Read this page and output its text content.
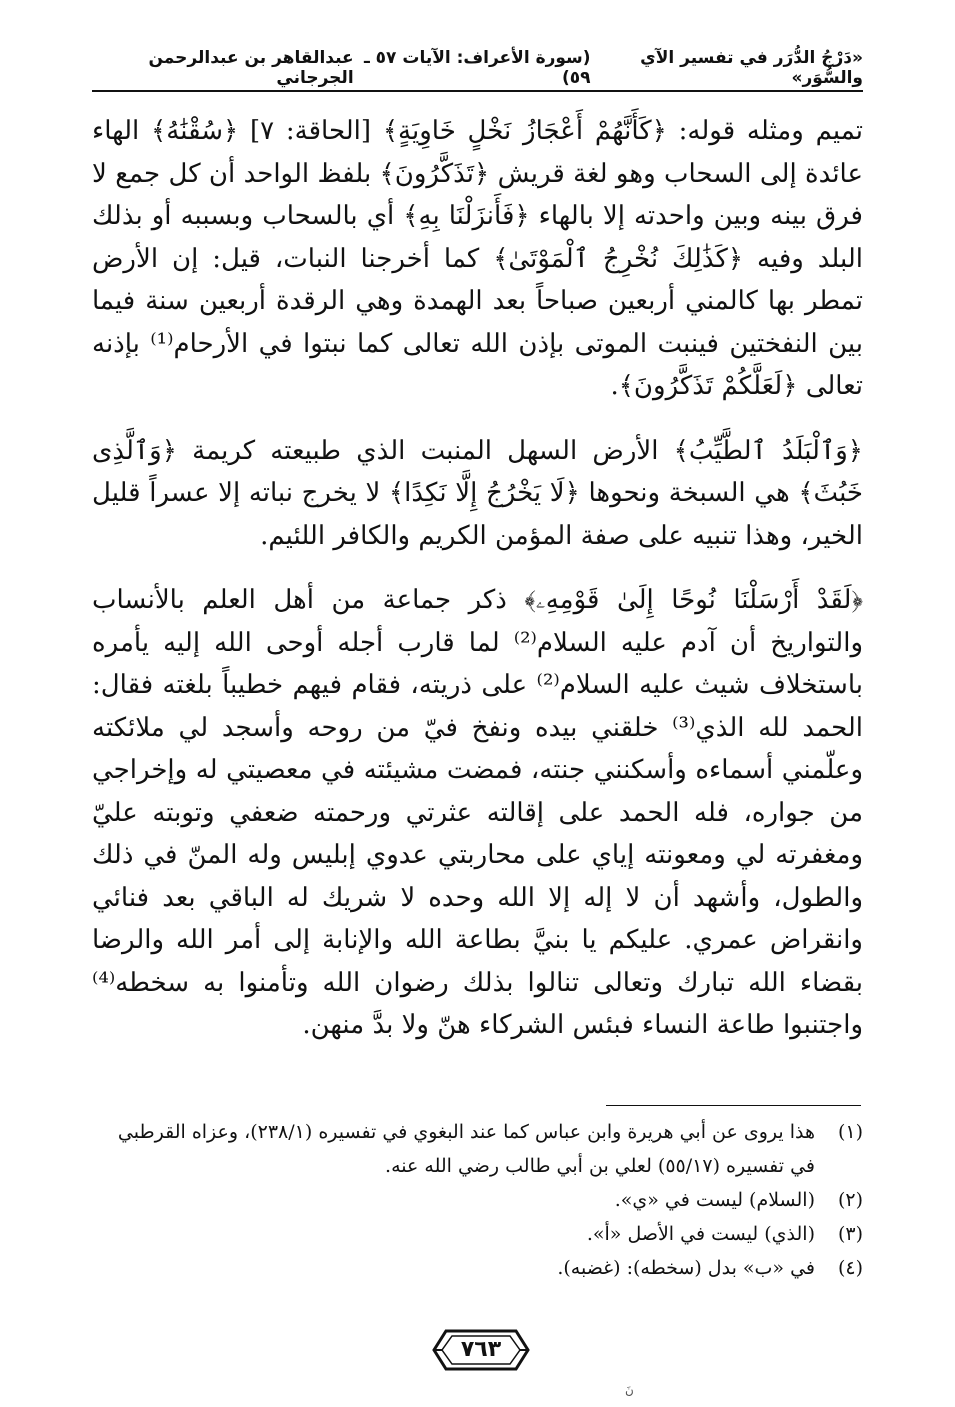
«دَرْجُ الدُّرَر في تفسير الآي والسُّوَر»
(سورة الأعراف: الآيات ٥٧ ـ ٥٩)
عبدالقاهر بن عبدالرحمن الجرجاني

تميم ومثله قوله: ﴿كَأَنَّهُمْ أَعْجَازُ نَخْلٍ خَاوِيَةٍ﴾ [الحاقة: ٧] ﴿سُقْنَٰهُ﴾ الهاء عائدة إلى السحاب وهو لغة قريش ﴿تَذَكَّرُونَ﴾ بلفظ الواحد أن كل جمع لا فرق بينه وبين واحدته إلا بالهاء ﴿فَأَنزَلْنَا بِهِ﴾ أي بالسحاب وبسببه أو بذلك البلد وفيه ﴿كَذَٰلِكَ نُخْرِجُ ٱلْمَوْتَىٰ﴾ كما أخرجنا النبات، قيل: إن الأرض تمطر بها كالمني أربعين صباحاً بعد الهمدة وهي الرقدة أربعين سنة فيما بين النفختين فينبت الموتى بإذن الله تعالى كما نبتوا في الأرحام⁽¹⁾ بإذنه تعالى ﴿لَعَلَّكُمْ تَذَكَّرُونَ﴾.

﴿وَٱلْبَلَدُ ٱلطَّيِّبُ﴾ الأرض السهل المنبت الذي طبيعته كريمة ﴿وَٱلَّذِى خَبُثَ﴾ هي السبخة ونحوها ﴿لَا يَخْرُجُ إِلَّا نَكِدًا﴾ لا يخرج نباته إلا عسراً قليل الخير، وهذا تنبيه على صفة المؤمن الكريم والكافر اللئيم.

﴿لَقَدْ أَرْسَلْنَا نُوحًا إِلَىٰ قَوْمِهِۦ﴾ ذكر جماعة من أهل العلم بالأنساب والتواريخ أن آدم عليه السلام⁽²⁾ لما قارب أجله أوحى الله إليه يأمره باستخلاف شيث عليه السلام⁽²⁾ على ذريته، فقام فيهم خطيباً بلغته فقال: الحمد لله الذي⁽³⁾ خلقني بيده ونفخ فيّ من روحه وأسجد لي ملائكته وعلّمني أسماءه وأسكنني جنته، فمضت مشيئته في معصيتي له وإخراجي من جواره، فله الحمد على إقالته عثرتي ورحمته ضعفي وتوبته عليّ ومغفرته لي ومعونته إياي على محاربتي عدوي إبليس وله المنّ في ذلك والطول، وأشهد أن لا إله إلا الله وحده لا شريك له الباقي بعد فنائي وانقراض عمري. عليكم يا بنيَّ بطاعة الله والإنابة إلى أمر الله والرضا بقضاء الله تبارك وتعالى تنالوا بذلك رضوان الله وتأمنوا به سخطه⁽⁴⁾ واجتنبوا طاعة النساء فبئس الشركاء هنّ ولا بدَّ منهن.

(١)
هذا يروى عن أبي هريرة وابن عباس كما عند البغوي في تفسيره (٢٣٨/١)، وعزاه القرطبي في تفسيره (٥٥/١٧) لعلي بن أبي طالب رضي الله عنه.
(٢)
(السلام) ليست في «ي».
(٣)
(الذي) ليست في الأصل «أ».
(٤)
في «ب» بدل (سخطه): (غضبه).
٧٦٣
نَ
